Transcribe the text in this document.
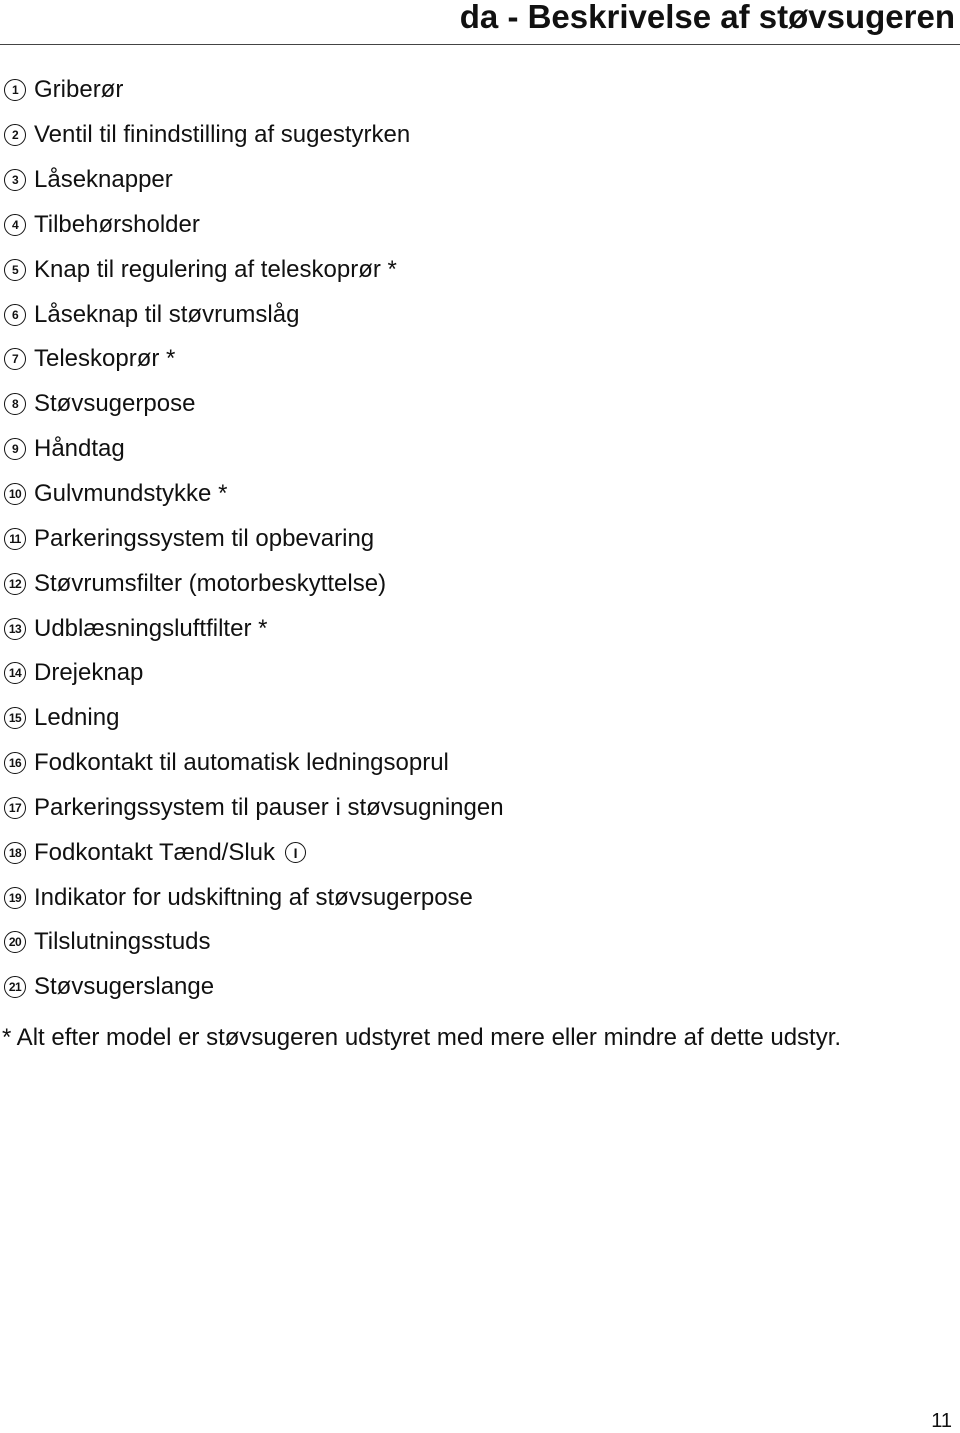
da - Beskrivelse af støvsugeren
1 Griberør
2 Ventil til finindstilling af sugestyrken
3 Låseknapper
4 Tilbehørsholder
5 Knap til regulering af teleskoprør *
6 Låseknap til støvrumslåg
7 Teleskoprør *
8 Støvsugerpose
9 Håndtag
10 Gulvmundstykke *
11 Parkeringssystem til opbevaring
12 Støvrumsfilter (motorbeskyttelse)
13 Udblæsningsluftfilter *
14 Drejeknap
15 Ledning
16 Fodkontakt til automatisk ledningsoprul
17 Parkeringssystem til pauser i støvsugningen
18 Fodkontakt Tænd/Sluk	I
19 Indikator for udskiftning af støvsugerpose
20 Tilslutningsstuds
21 Støvsugerslange
* Alt efter model er støvsugeren udstyret med mere eller mindre af dette udstyr.
11
